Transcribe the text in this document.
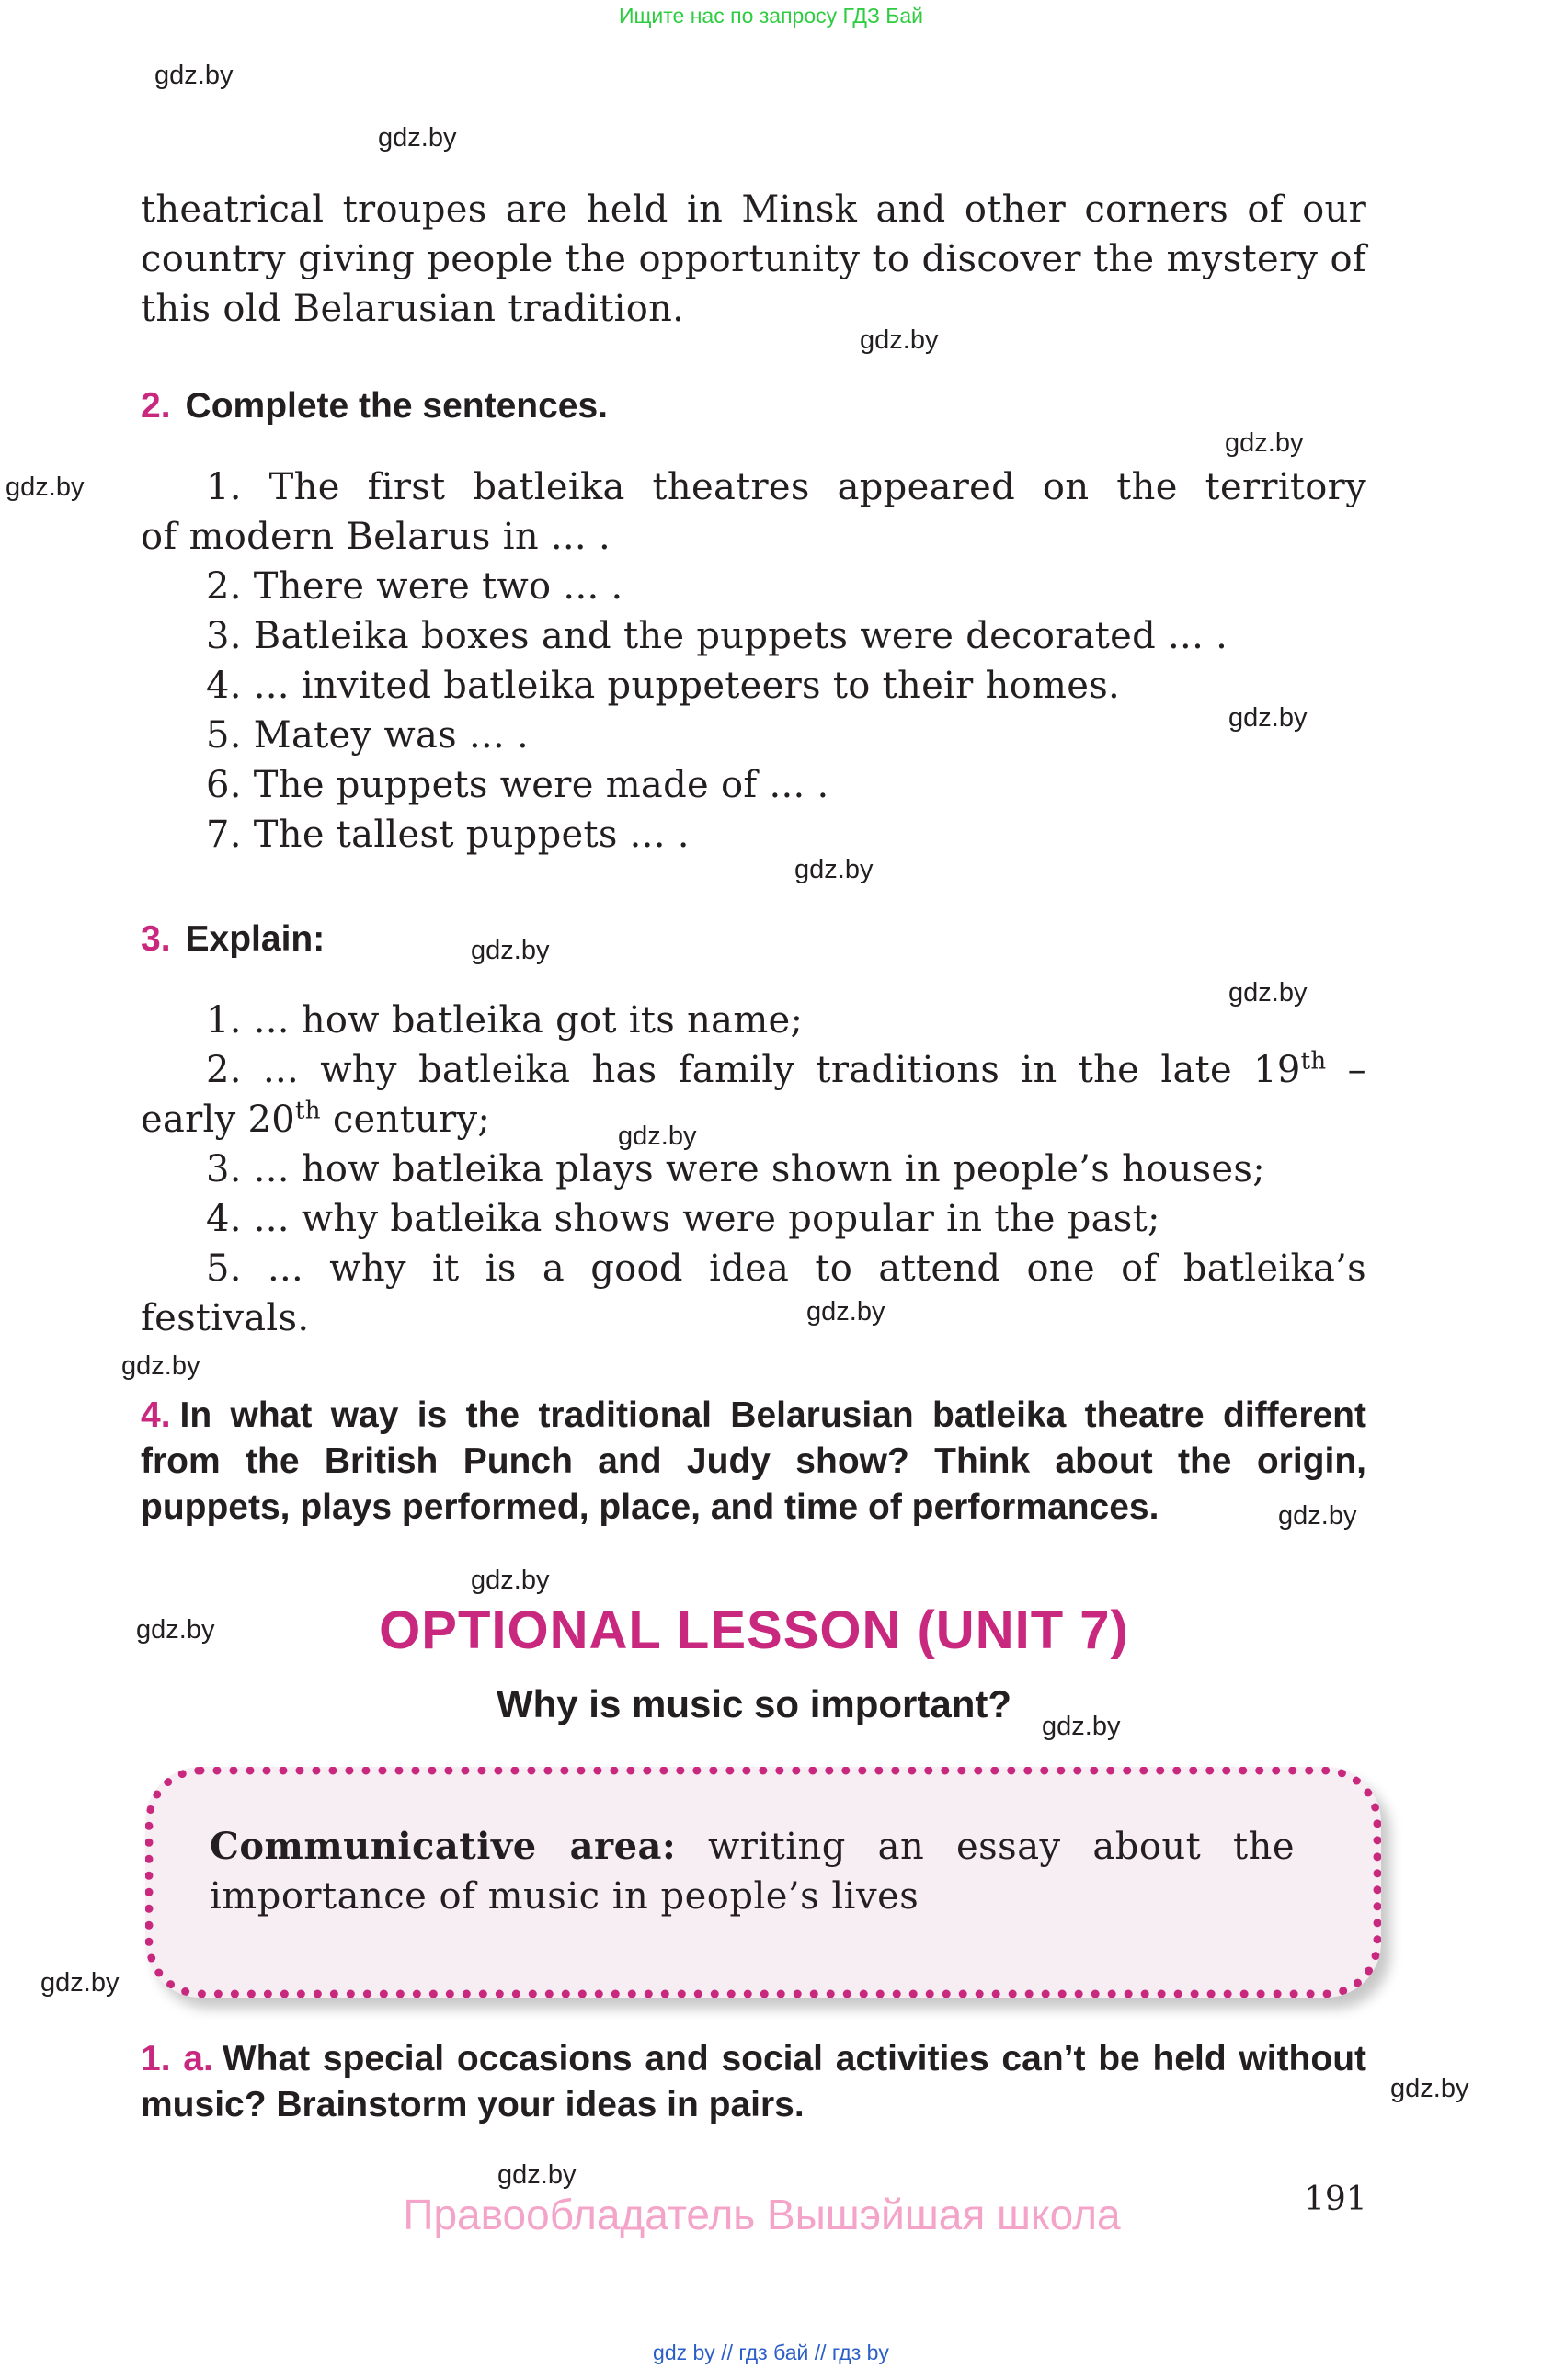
Ищите нас по запросу ГДЗ Бай
gdz.by
gdz.by
gdz.by
gdz.by
gdz.by
gdz.by
gdz.by
gdz.by
gdz.by
gdz.by
gdz.by
gdz.by
gdz.by
gdz.by
gdz.by
gdz.by
gdz.by
gdz.by
gdz.by

theatrical troupes are held in Minsk and other corners of our country giving people the opportunity to discover the mystery of this old Belarusian tradition.

2. Complete the sentences.
1. The first batleika theatres appeared on the territory
of modern Belarus in ... .
2. There were two ... .
3. Batleika boxes and the puppets were decorated ... .
4. ... invited batleika puppeteers to their homes.
5. Matey was ... .
6. The puppets were made of ... .
7. The tallest puppets ... .
3. Explain:
1. ... how batleika got its name;
2. ... why batleika has family traditions in the late 19th –
early 20th century;
3. ... how batleika plays were shown in people’s houses;
4. ... why batleika shows were popular in the past;
5. ... why it is a good idea to attend one of batleika’s
festivals.

4. In what way is the traditional Belarusian batleika theatre different from the British Punch and Judy show? Think about the origin, puppets, plays performed, place, and time of performances.

OPTIONAL LESSON (UNIT 7)
Why is music so important?

Communicative area: writing an essay about the importance of music in people’s lives

1. a. What special occasions and social activities can’t be held without music? Brainstorm your ideas in pairs.

191
Правообладатель Вышэйшая школа
gdz by // гдз бай // гдз by
